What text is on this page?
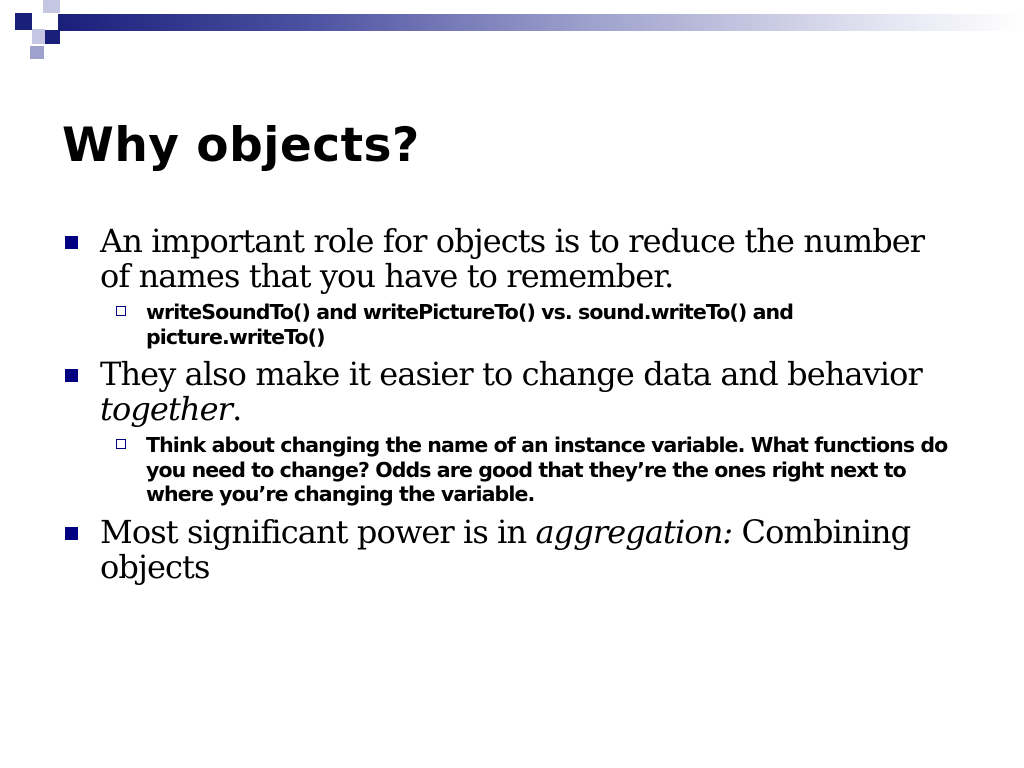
Why objects?
An important role for objects is to reduce the number of names that you have to remember.
writeSoundTo() and writePictureTo() vs. sound.writeTo() and picture.writeTo()
They also make it easier to change data and behavior together.
Think about changing the name of an instance variable. What functions do you need to change? Odds are good that they’re the ones right next to where you’re changing the variable.
Most significant power is in aggregation: Combining objects
